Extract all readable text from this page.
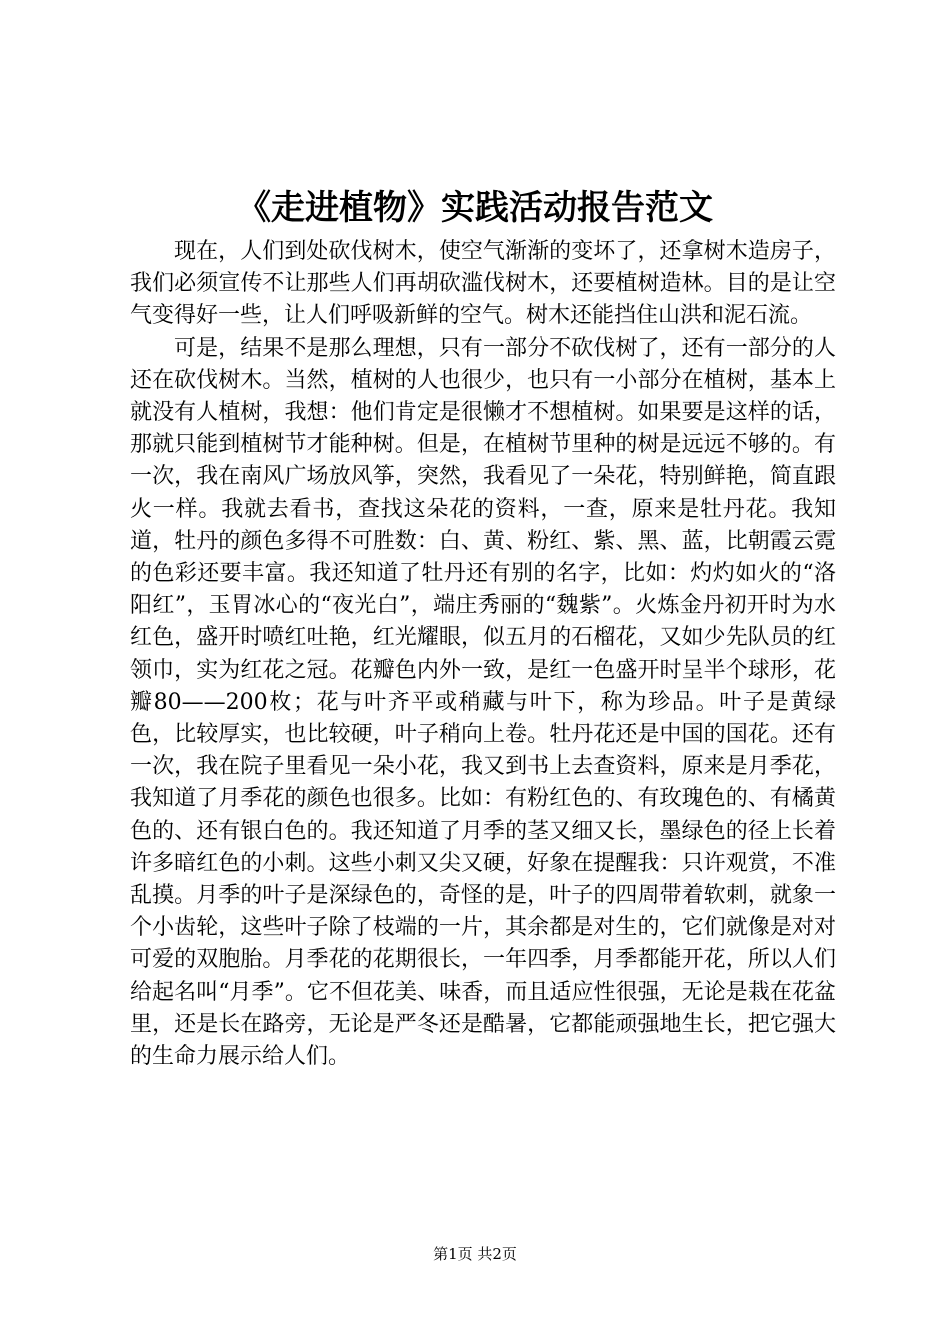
《走进植物》实践活动报告范文

现在，人们到处砍伐树木，使空气渐渐的变坏了，还拿树木造房子，我们必须宣传不让那些人们再胡砍滥伐树木，还要植树造林。目的是让空气变得好一些，让人们呼吸新鲜的空气。树木还能挡住山洪和泥石流。

可是，结果不是那么理想，只有一部分不砍伐树了，还有一部分的人还在砍伐树木。当然，植树的人也很少，也只有一小部分在植树，基本上就没有人植树，我想：他们肯定是很懒才不想植树。如果要是这样的话，那就只能到植树节才能种树。但是，在植树节里种的树是远远不够的。有一次，我在南风广场放风筝，突然，我看见了一朵花，特别鲜艳，简直跟火一样。我就去看书，查找这朵花的资料，一查，原来是牡丹花。我知道，牡丹的颜色多得不可胜数：白、黄、粉红、紫、黑、蓝，比朝霞云霓的色彩还要丰富。我还知道了牡丹还有别的名字，比如：灼灼如火的“洛阳红”，玉胃冰心的“夜光白”，端庄秀丽的“魏紫”。火炼金丹初开时为水红色，盛开时喷红吐艳，红光耀眼，似五月的石榴花，又如少先队员的红领巾，实为红花之冠。花瓣色内外一致，是红一色盛开时呈半个球形，花瓣80——200枚；花与叶齐平或稍藏与叶下，称为珍品。叶子是黄绿色，比较厚实，也比较硬，叶子稍向上卷。牡丹花还是中国的国花。还有一次，我在院子里看见一朵小花，我又到书上去查资料，原来是月季花，我知道了月季花的颜色也很多。比如：有粉红色的、有玫瑰色的、有橘黄色的、还有银白色的。我还知道了月季的茎又细又长，墨绿色的径上长着许多暗红色的小刺。这些小刺又尖又硬，好象在提醒我：只许观赏，不准乱摸。月季的叶子是深绿色的，奇怪的是，叶子的四周带着软刺，就象一个小齿轮，这些叶子除了枝端的一片，其余都是对生的，它们就像是对对可爱的双胞胎。月季花的花期很长，一年四季，月季都能开花，所以人们给起名叫“月季”。它不但花美、味香，而且适应性很强，无论是栽在花盆里，还是长在路旁，无论是严冬还是酷暑，它都能顽强地生长，把它强大的生命力展示给人们。

第1页 共2页
